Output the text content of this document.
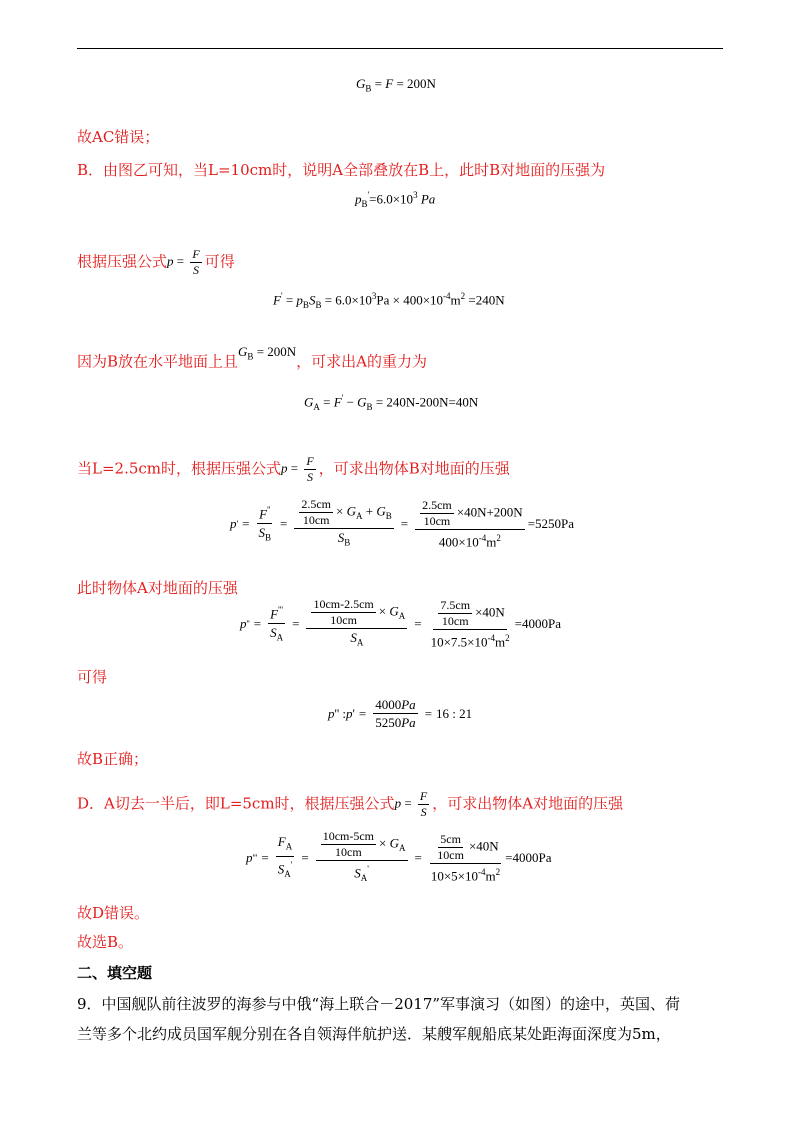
$G_B = F = 200N$
故AC错误；
B．由图乙可知，当L=10cm时，说明A全部叠放在B上，此时B对地面的压强为
$p_B'=6.0\times 10^3$ Pa
根据压强公式$p = \frac{F}{S}$ 可得
$F' = p_BS_B = 6.0\times 10^3Pa \times 400\times 10^{-4}m^2 =240N$
因为B放在水平地面上且$G_B = 200N$，可求出A的重力为
$G_A = F' - G_B = 240N-200N=40N$
当L=2.5cm时，根据压强公式$p = \frac{F}{S}$ ，可求出物体B对地面的压强
p ' = $\frac{F''}{S_B} = \frac{\frac{2.5cm}{10cm} \times G_A + G_B}{S_B} = \frac{\frac{2.5cm}{10cm} \times 40N+200N}{400\times 10^{-4}m^2} =5250Pa$
此时物体A对地面的压强
p '' = $\frac{F'''}{S_A} = \frac{\frac{10cm-2.5cm}{10cm} \times G_A}{S_A} = \frac{\frac{7.5cm}{10cm} \times 40N}{10\times 7.5\times 10^{-4}m^2} =4000Pa$
可得
p '' : p ' = $\frac{4000Pa}{5250Pa} = 16$ : 21
故B正确；
D．A切去一半后，即L=5cm时，根据压强公式$p = \frac{F}{S}$ ，可求出物体A对地面的压强
p ''' = $\frac{F_A}{S_A'} = \frac{\frac{10cm-5cm}{10cm} \times G_A}{S_A'} = \frac{\frac{5cm}{10cm} \times 40N}{10\times 5\times 10^{-4}m^2} =4000Pa$
故D错误。
故选B。
二、填空题
9．中国舰队前往波罗的海参与中俄“海上联合－2017”军事演习（如图）的途中，英国、荷
兰等多个北约成员国军舰分别在各自领海伴航护送．某艘军舰船底某处距海面深度为5m，
